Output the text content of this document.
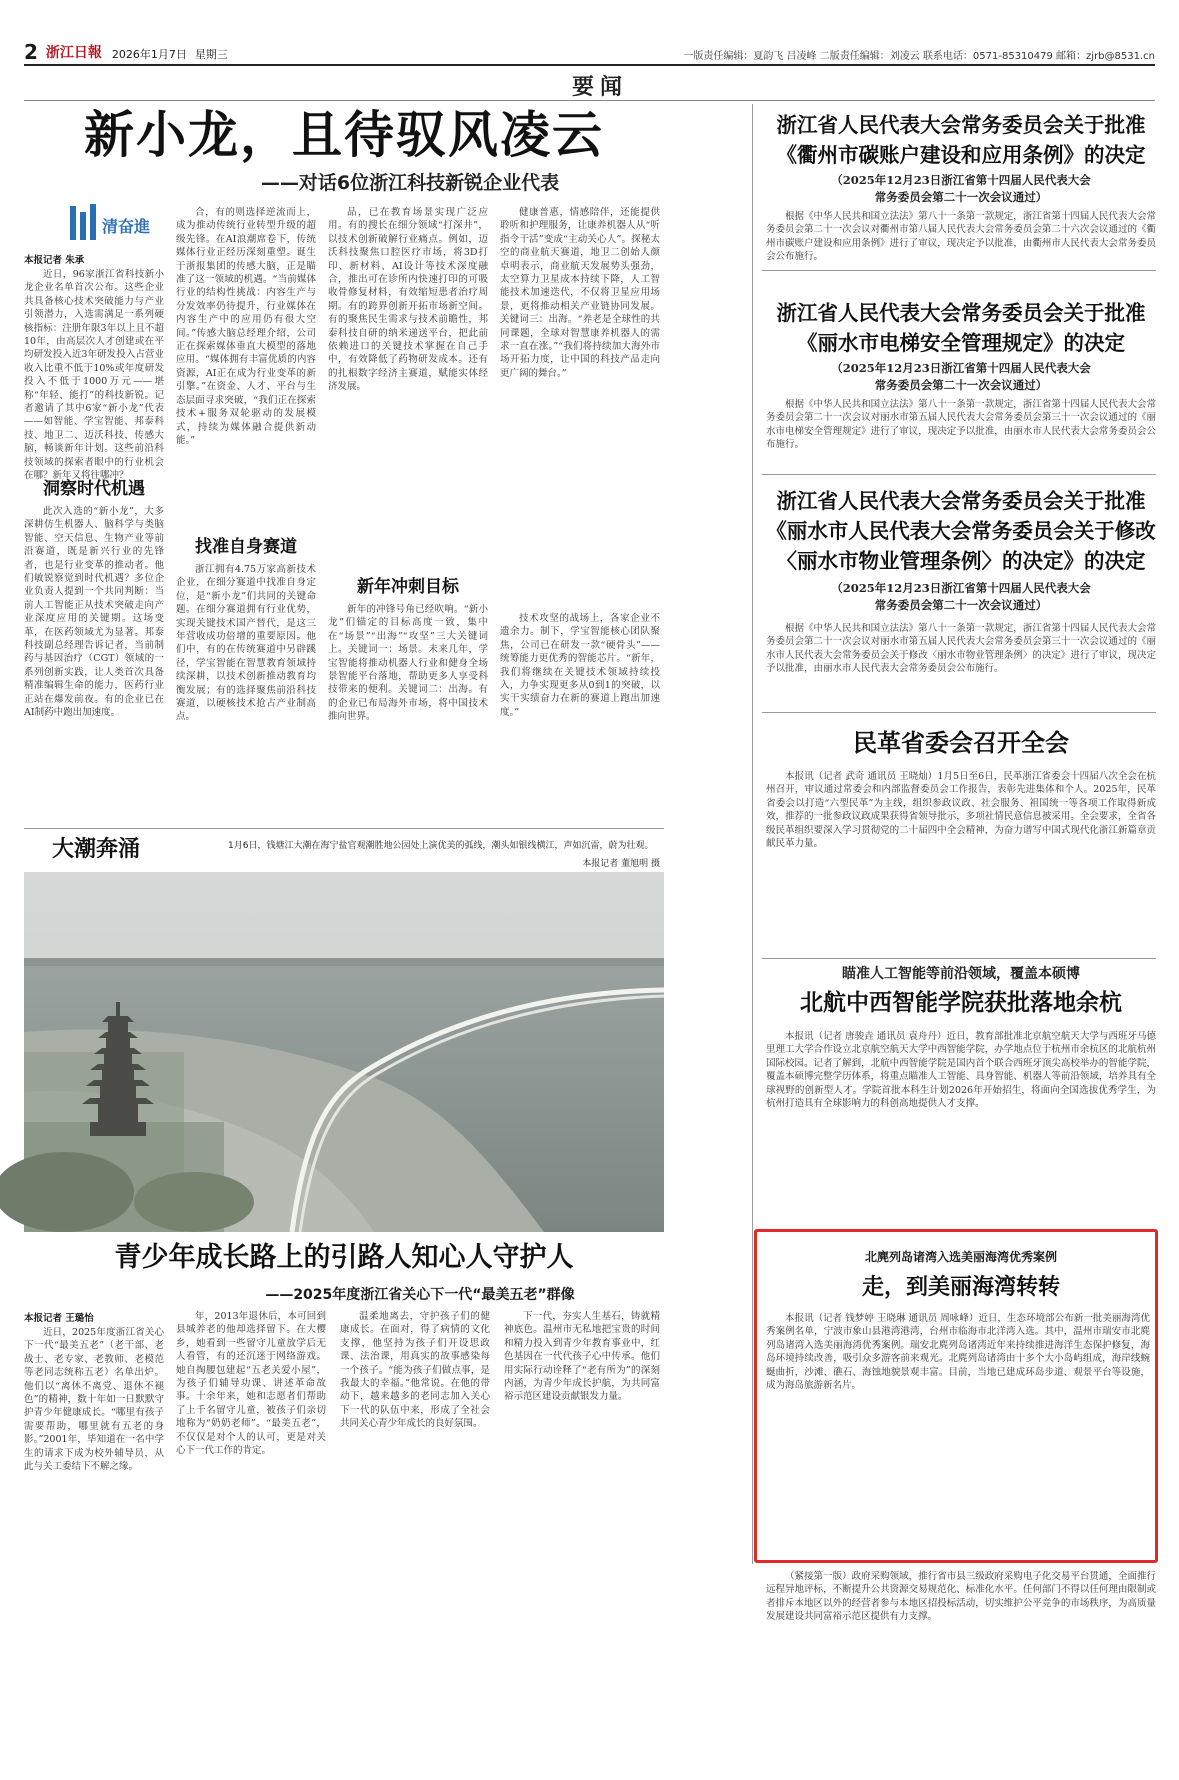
2 浙江日報 2026年1月7日 星期三	一版责任编辑：夏韵飞 吕凌峰 二版责任编辑：刘凌云 联系电话：0571-85310479 邮箱：zjrb@8531.cn
要闻
新小龙，且待驭风凌云
——对话6位浙江科技新锐企业代表
清奋進
本报记者 朱承

近日，96家浙江省科技新小龙企业名单首次公布。这些企业共具备核心技术突破能力与产业引领潜力，入选需满足一系列硬核指标：注册年限3年以上且不超10年，由高层次人才创建或在平均研发投入近3年研发投入占营业收入比重不低于10%或年度研发投入不低于1000万元——堪称“年轻、能打”的科技新锐。记者邀请了其中6家“新小龙”代表——如智能、学宝智能、邦泰科技、地卫二、迈沃科技、传感大脑，畅谈新年计划。这些前沿科技领域的探索者眼中的行业机会在哪？新年又将往哪冲？

洞察时代机遇

此次入选的“新小龙”，大多深耕仿生机器人、脑科学与类脑智能、空天信息、生物产业等前沿赛道，既是新兴行业的先锋者，也是行业变革的推动者。他们敏锐察觉到时代机遇？多位企业负责人提到一个共同判断：当前人工智能正从技术突破走向产业深度应用的关键期。这场变革，在医药领域尤为显著。邦泰科技副总经理告诉记者，当前制药与基因治疗（CGT）领域的一系列创新实践，让人类首次具备精准编辑生命的能力，医药行业正站在爆发前夜。有的企业已在AI制药中跑出加速度。

合，有的则选择逆流而上，成为推动传统行业转型升级的超级先锋。在AI浪潮席卷下，传统媒体行业正经历深刻重塑。诞生于浙报集团的传感大脑，正是瞄准了这一领域的机遇。“当前媒体行业的结构性挑战：内容生产与分发效率仍待提升，行业媒体在内容生产中的应用仍有很大空间。”传感大脑总经理介绍，公司正在探索媒体垂直大模型的落地应用。“媒体拥有丰富优质的内容资源，AI正在成为行业变革的新引擎。”在资金、人才、平台与生态层面寻求突破，“我们正在探索技术+服务双轮驱动的发展模式，持续为媒体融合提供新动能。”

找准自身赛道

浙江拥有4.75万家高新技术企业，在细分赛道中找准自身定位，是“新小龙”们共同的关键命题。在细分赛道拥有行业优势，实现关键技术国产替代，是这三年营收成功倍增的重要原因。他们中，有的在传统赛道中另辟蹊径，学宝智能在智慧教育领域持续深耕，以技术创新推动教育均衡发展；有的选择聚焦前沿科技赛道，以硬核技术抢占产业制高点。

品，已在教育场景实现广泛应用。有的搜长在细分领域“打深井”，以技术创新破解行业痛点。例如，迈沃科技聚焦口腔医疗市场，将3D打印、新材料、AI设计等技术深度融合，推出可在诊所内快速打印的可吸收骨修复材料，有效缩短患者治疗周期。有的跨界创新开拓市场新空间。有的聚焦民生需求与技术前瞻性，邦泰科技自研的纳米递送平台，把此前依赖进口的关键技术掌握在自己手中，有效降低了药物研发成本。还有的扎根数字经济主赛道，赋能实体经济发展。

新年冲刺目标

新年的冲锋号角已经吹响。“新小龙”们锚定的目标高度一致，集中在“场景”“出海”“攻坚”三大关键词上。关键词一：场景。未来几年，学宝智能将推动机器人行业和健身全场景智能平台落地，帮助更多人享受科技带来的便利。关键词二：出海。有的企业已布局海外市场，将中国技术推向世界。

健康普惠，情感陪伴，还能提供聆听和护理服务，让康养机器人从“听指令干活”变成“主动关心人”。探秘太空的商业航天赛道，地卫二创始人颜卓明表示，商业航天发展势头强劲，太空算力卫星成本持续下降，人工智能技术加速迭代，不仅将卫星应用场景，更将推动相关产业链协同发展。关键词三：出海。“养老是全球性的共同课题，全球对智慧康养机器人的需求一直在涨。”“我们将持续加大海外市场开拓力度，让中国的科技产品走向更广阔的舞台。”

技术攻坚的战场上，各家企业不遗余力。制下，学宝智能核心团队聚焦，公司已在研发一款“硬骨头”——统筹能力更优秀的智能芯片。“新年，我们将继续在关键技术领域持续投入，力争实现更多从0到1的突破，以实干实绩奋力在新的赛道上跑出加速度。”

大潮奔涌	1月6日，钱塘江大潮在海宁盐官观潮胜地公园处上演优美的弧线，潮头如银线横江，声如沉雷，蔚为壮观。
本报记者 董旭明 摄
青少年成长路上的引路人知心人守护人
——2025年度浙江省关心下一代“最美五老”群像
本报记者 王璐怡

近日，2025年度浙江省关心下一代“最美五老”（老干部、老战士、老专家、老教师、老模范等老同志统称五老）名单出炉。他们以“离休不离党、退休不褪色”的精神，数十年如一日默默守护青少年健康成长。“哪里有孩子需要帮助，哪里就有五老的身影。”2001年，毕知道在一名中学生的请求下成为校外辅导员，从此与关工委结下不解之缘。

年，2013年退休后，本可回到县城养老的他却选择留下。在大樱乡，她看到一些留守儿童放学后无人看管，有的还沉迷于网络游戏。她自掏腰包建起“五老关爱小屋”，为孩子们辅导功课、讲述革命故事。十余年来，她和志愿者们帮助了上千名留守儿童，被孩子们亲切地称为“奶奶老师”。“最美五老”，不仅仅是对个人的认可，更是对关心下一代工作的肯定。

温柔地离去，守护孩子们的健康成长。在面对，得了病情的文化支撑，他坚持为孩子们开设思政课、法治课，用真实的故事感染每一个孩子。“能为孩子们做点事，是我最大的幸福。”他常说。在他的带动下，越来越多的老同志加入关心下一代的队伍中来，形成了全社会共同关心青少年成长的良好氛围。

下一代，夯实人生基石，铸就精神底色。温州市无私地把宝贵的时间和精力投入到青少年教育事业中，红色基因在一代代孩子心中传承。他们用实际行动诠释了“老有所为”的深刻内涵，为青少年成长护航，为共同富裕示范区建设贡献银发力量。

浙江省人民代表大会常务委员会关于批准
《衢州市碳账户建设和应用条例》的决定
（2025年12月23日浙江省第十四届人民代表大会
常务委员会第二十一次会议通过）

根据《中华人民共和国立法法》第八十一条第一款规定，浙江省第十四届人民代表大会常务委员会第二十一次会议对衢州市第八届人民代表大会常务委员会第二十六次会议通过的《衢州市碳账户建设和应用条例》进行了审议，现决定予以批准，由衢州市人民代表大会常务委员会公布施行。

浙江省人民代表大会常务委员会关于批准
《丽水市电梯安全管理规定》的决定
（2025年12月23日浙江省第十四届人民代表大会
常务委员会第二十一次会议通过）

根据《中华人民共和国立法法》第八十一条第一款规定，浙江省第十四届人民代表大会常务委员会第二十一次会议对丽水市第五届人民代表大会常务委员会第三十一次会议通过的《丽水市电梯安全管理规定》进行了审议，现决定予以批准，由丽水市人民代表大会常务委员会公布施行。

浙江省人民代表大会常务委员会关于批准
《丽水市人民代表大会常务委员会关于修改
〈丽水市物业管理条例〉的决定》的决定
（2025年12月23日浙江省第十四届人民代表大会
常务委员会第二十一次会议通过）

根据《中华人民共和国立法法》第八十一条第一款规定，浙江省第十四届人民代表大会常务委员会第二十一次会议对丽水市第五届人民代表大会常务委员会第三十一次会议通过的《丽水市人民代表大会常务委员会关于修改〈丽水市物业管理条例〉的决定》进行了审议，现决定予以批准，由丽水市人民代表大会常务委员会公布施行。

民革省委会召开全会

本报讯（记者 武奇 通讯员 王晓灿）1月5日至6日，民革浙江省委会十四届八次全会在杭州召开，审议通过常委会和内部监督委员会工作报告，表彰先进集体和个人。2025年，民革省委会以打造“六型民革”为主线，组织参政议政、社会服务、祖国统一等各项工作取得新成效，推荐的一批参政议政成果获得省领导批示，多项社情民意信息被采用。全会要求，全省各级民革组织要深入学习贯彻党的二十届四中全会精神，为奋力谱写中国式现代化浙江新篇章贡献民革力量。

瞄准人工智能等前沿领域，覆盖本硕博
北航中西智能学院获批落地余杭

本报讯（记者 唐骏垚 通讯员 袁舟丹）近日，教育部批准北京航空航天大学与西班牙马德里理工大学合作设立北京航空航天大学中西智能学院，办学地点位于杭州市余杭区的北航杭州国际校园。记者了解到，北航中西智能学院是国内首个联合西班牙顶尖高校举办的智能学院，覆盖本硕博完整学历体系，将重点瞄准人工智能、具身智能、机器人等前沿领域，培养具有全球视野的创新型人才。学院首批本科生计划2026年开始招生，将面向全国选拔优秀学生，为杭州打造具有全球影响力的科创高地提供人才支撑。

北麂列岛诸湾入选美丽海湾优秀案例
走，到美丽海湾转转

本报讯（记者 钱梦婷 王晓琳 通讯员 周咏峰）近日，生态环境部公布新一批美丽海湾优秀案例名单，宁波市象山县港湾港湾，台州市临海市北洋湾入选。其中，温州市瑞安市北麂列岛诸湾入选美丽海湾优秀案例。瑞安北麂列岛诸湾近年来持续推进海洋生态保护修复，海岛环境持续改善，吸引众多游客前来观光。北麂列岛诸湾由十多个大小岛屿组成，海岸线蜿蜒曲折，沙滩、礁石、海蚀地貌景观丰富。目前，当地已建成环岛步道、观景平台等设施，成为海岛旅游新名片。

（紧接第一版）政府采购领域，推行省市县三级政府采购电子化交易平台贯通，全面推行远程异地评标，不断提升公共资源交易规范化、标准化水平。任何部门不得以任何理由限制或者排斥本地区以外的经营者参与本地区招投标活动，切实维护公平竞争的市场秩序，为高质量发展建设共同富裕示范区提供有力支撑。
